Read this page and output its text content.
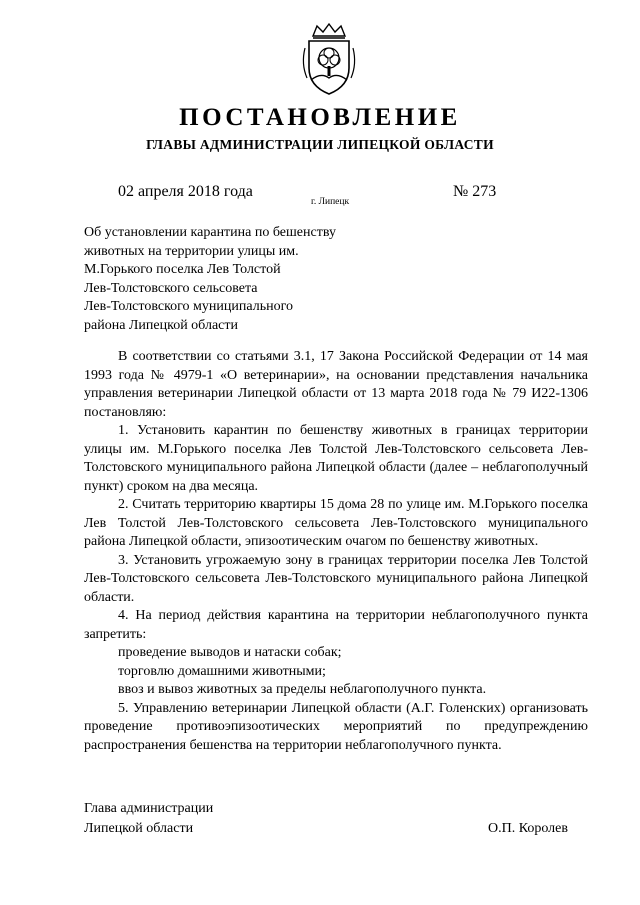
ПОСТАНОВЛЕНИЕ
ГЛАВЫ АДМИНИСТРАЦИИ ЛИПЕЦКОЙ ОБЛАСТИ
02 апреля 2018 года
г. Липецк
№ 273
Об установлении карантина по бешенству
животных на территории улицы им.
М.Горького поселка Лев Толстой
Лев-Толстовского сельсовета
Лев-Толстовского муниципального
района Липецкой области

В соответствии со статьями 3.1, 17 Закона Российской Федерации от 14 мая 1993 года № 4979-1 «О ветеринарии», на основании представления начальника управления ветеринарии Липецкой области от 13 марта 2018 года № 79 И22-1306 постановляю:

1. Установить карантин по бешенству животных в границах территории улицы им. М.Горького поселка Лев Толстой Лев-Толстовского сельсовета Лев-Толстовского муниципального района Липецкой области (далее – неблагополучный пункт) сроком на два месяца.

2. Считать территорию квартиры 15 дома 28 по улице им. М.Горького поселка Лев Толстой Лев-Толстовского сельсовета Лев-Толстовского муниципального района Липецкой области, эпизоотическим очагом по бешенству животных.

3. Установить угрожаемую зону в границах территории поселка Лев Толстой Лев-Толстовского сельсовета Лев-Толстовского муниципального района Липецкой области.

4. На период действия карантина на территории неблагополучного пункта запретить:

проведение выводов и натаски собак;

торговлю домашними животными;

ввоз и вывоз животных за пределы неблагополучного пункта.

5. Управлению ветеринарии Липецкой области (А.Г. Голенских) организовать проведение противоэпизоотических мероприятий по предупреждению распространения бешенства на территории неблагополучного пункта.

Глава администрации
Липецкой области	О.П. Королев
